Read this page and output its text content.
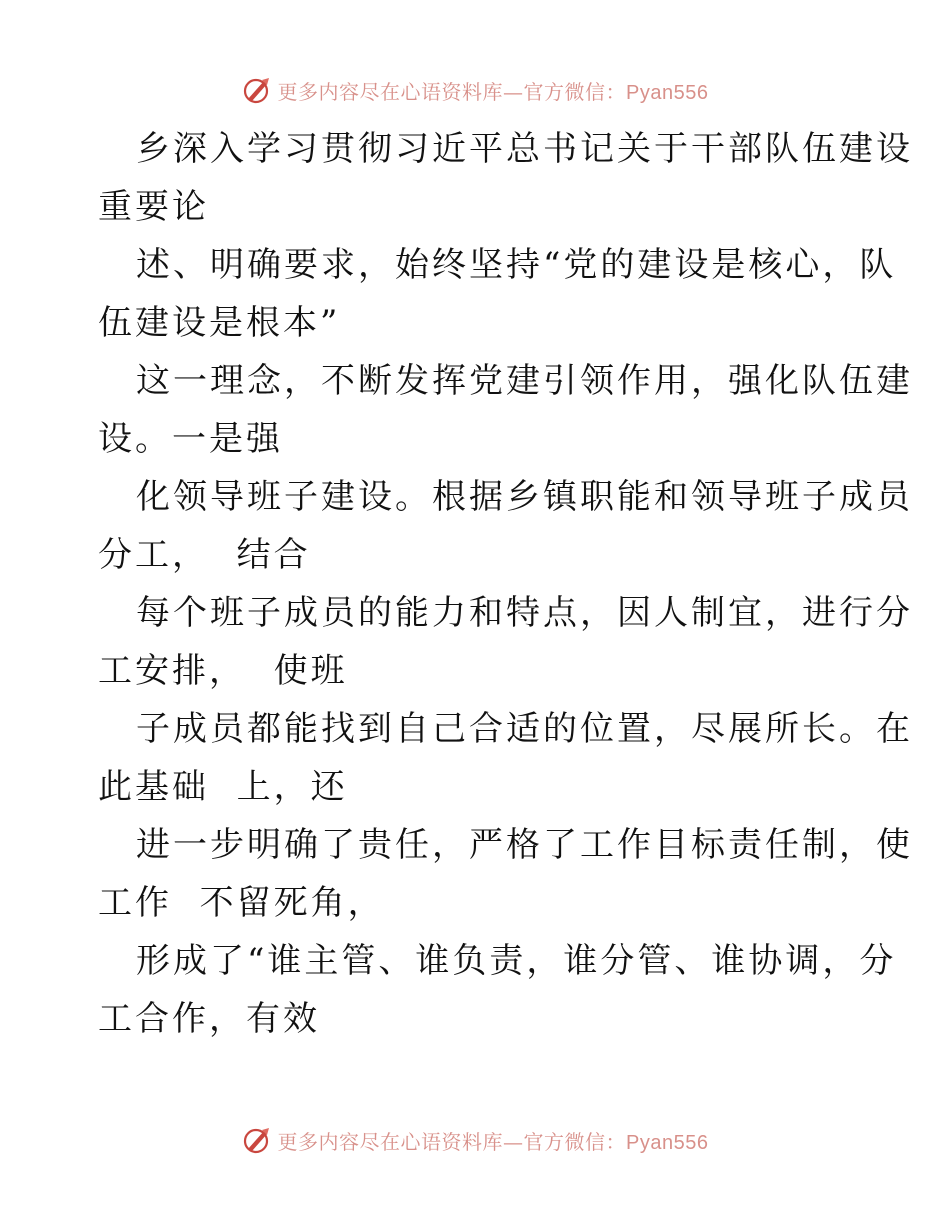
更多内容尽在心语资料库—官方微信：Pyan556
乡深入学习贯彻习近平总书记关于干部队伍建设
重要论
述、明确要求，始终坚持“党的建设是核心，队
伍建设是根本”
这一理念，不断发挥党建引领作用，强化队伍建
设。一是强
化领导班子建设。根据乡镇职能和领导班子成员
分工，  结合
每个班子成员的能力和特点，因人制宜，进行分
工安排，  使班
子成员都能找到自己合适的位置，尽展所长。在
此基础  上，还
进一步明确了贵任，严格了工作目标责任制，使
工作  不留死角，
形成了“谁主管、谁负责，谁分管、谁协调，分
工合作，有效
更多内容尽在心语资料库—官方微信：Pyan556
